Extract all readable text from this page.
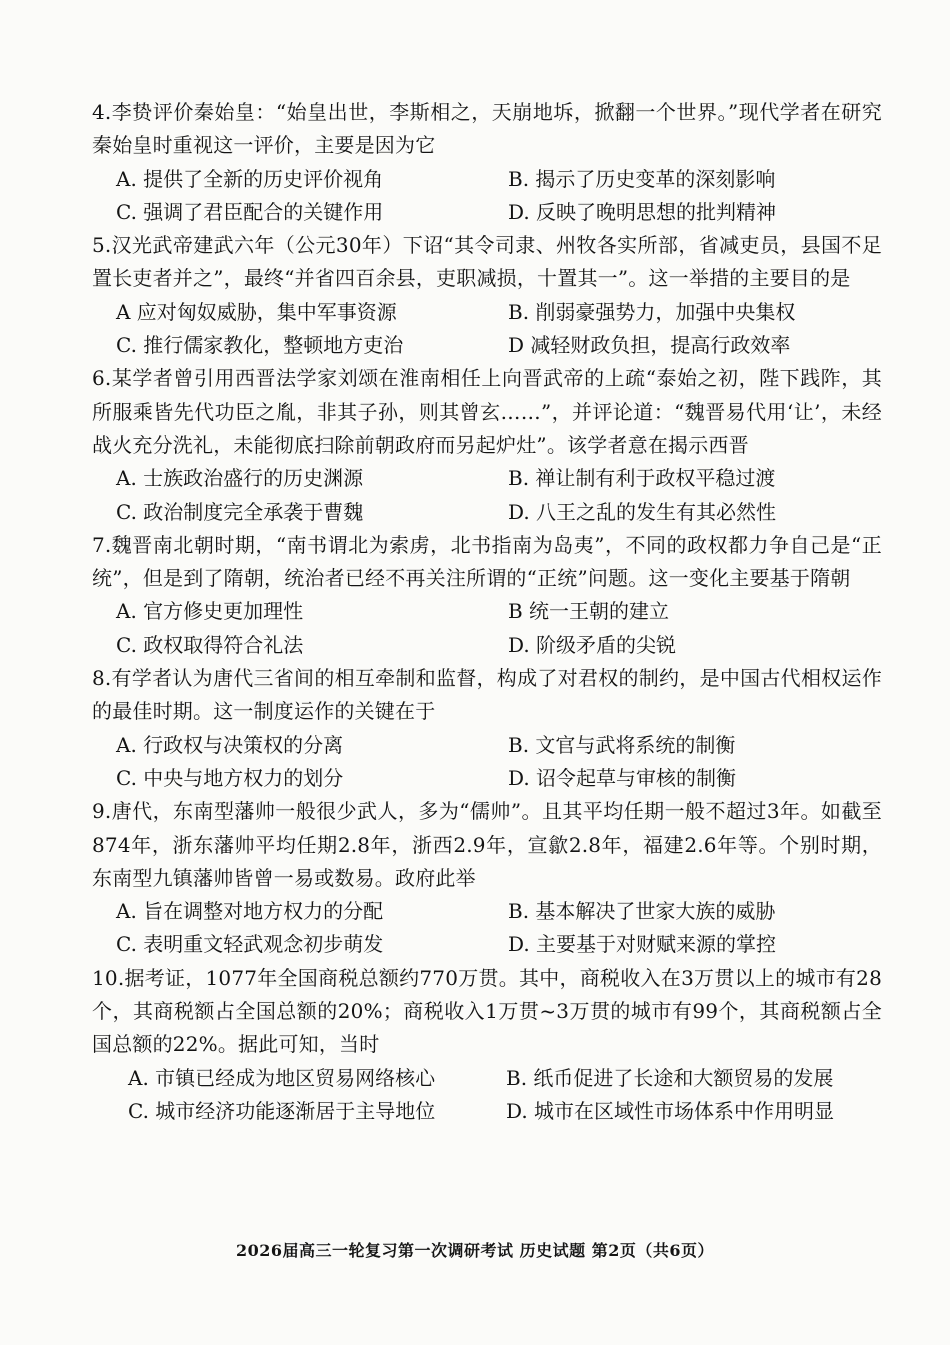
4.李贽评价秦始皇：“始皇出世，李斯相之，天崩地坼，掀翻一个世界。”现代学者在研究秦始皇时重视这一评价，主要是因为它
A. 提供了全新的历史评价视角	B. 揭示了历史变革的深刻影响
C. 强调了君臣配合的关键作用	D. 反映了晚明思想的批判精神
5.汉光武帝建武六年（公元30年）下诏“其令司隶、州牧各实所部，省减吏员，县国不足置长吏者并之”，最终“并省四百余县，吏职减损，十置其一”。这一举措的主要目的是
A 应对匈奴威胁，集中军事资源	B. 削弱豪强势力，加强中央集权
C. 推行儒家教化，整顿地方吏治	D 减轻财政负担，提高行政效率
6.某学者曾引用西晋法学家刘颂在淮南相任上向晋武帝的上疏“泰始之初，陛下践阼，其所服乘皆先代功臣之胤，非其子孙，则其曾玄……”，并评论道：“魏晋易代用‘让’，未经战火充分洗礼，未能彻底扫除前朝政府而另起炉灶”。该学者意在揭示西晋
A. 士族政治盛行的历史渊源	B. 禅让制有利于政权平稳过渡
C. 政治制度完全承袭于曹魏	D. 八王之乱的发生有其必然性
7.魏晋南北朝时期，“南书谓北为索虏，北书指南为岛夷”，不同的政权都力争自己是“正统”，但是到了隋朝，统治者已经不再关注所谓的“正统”问题。这一变化主要基于隋朝
A. 官方修史更加理性	B 统一王朝的建立
C. 政权取得符合礼法	D. 阶级矛盾的尖锐
8.有学者认为唐代三省间的相互牵制和监督，构成了对君权的制约，是中国古代相权运作的最佳时期。这一制度运作的关键在于
A. 行政权与决策权的分离	B. 文官与武将系统的制衡
C. 中央与地方权力的划分	D. 诏令起草与审核的制衡
9.唐代，东南型藩帅一般很少武人，多为“儒帅”。且其平均任期一般不超过3年。如截至874年，浙东藩帅平均任期2.8年，浙西2.9年，宣歙2.8年，福建2.6年等。个别时期，东南型九镇藩帅皆曾一易或数易。政府此举
A. 旨在调整对地方权力的分配	B. 基本解决了世家大族的威胁
C. 表明重文轻武观念初步萌发	D. 主要基于对财赋来源的掌控
10.据考证，1077年全国商税总额约770万贯。其中，商税收入在3万贯以上的城市有28个，其商税额占全国总额的20%；商税收入1万贯~3万贯的城市有99个，其商税额占全国总额的22%。据此可知，当时
A. 市镇已经成为地区贸易网络核心	B. 纸币促进了长途和大额贸易的发展
C. 城市经济功能逐渐居于主导地位	D. 城市在区域性市场体系中作用明显
2026届高三一轮复习第一次调研考试 历史试题 第2页（共6页）
